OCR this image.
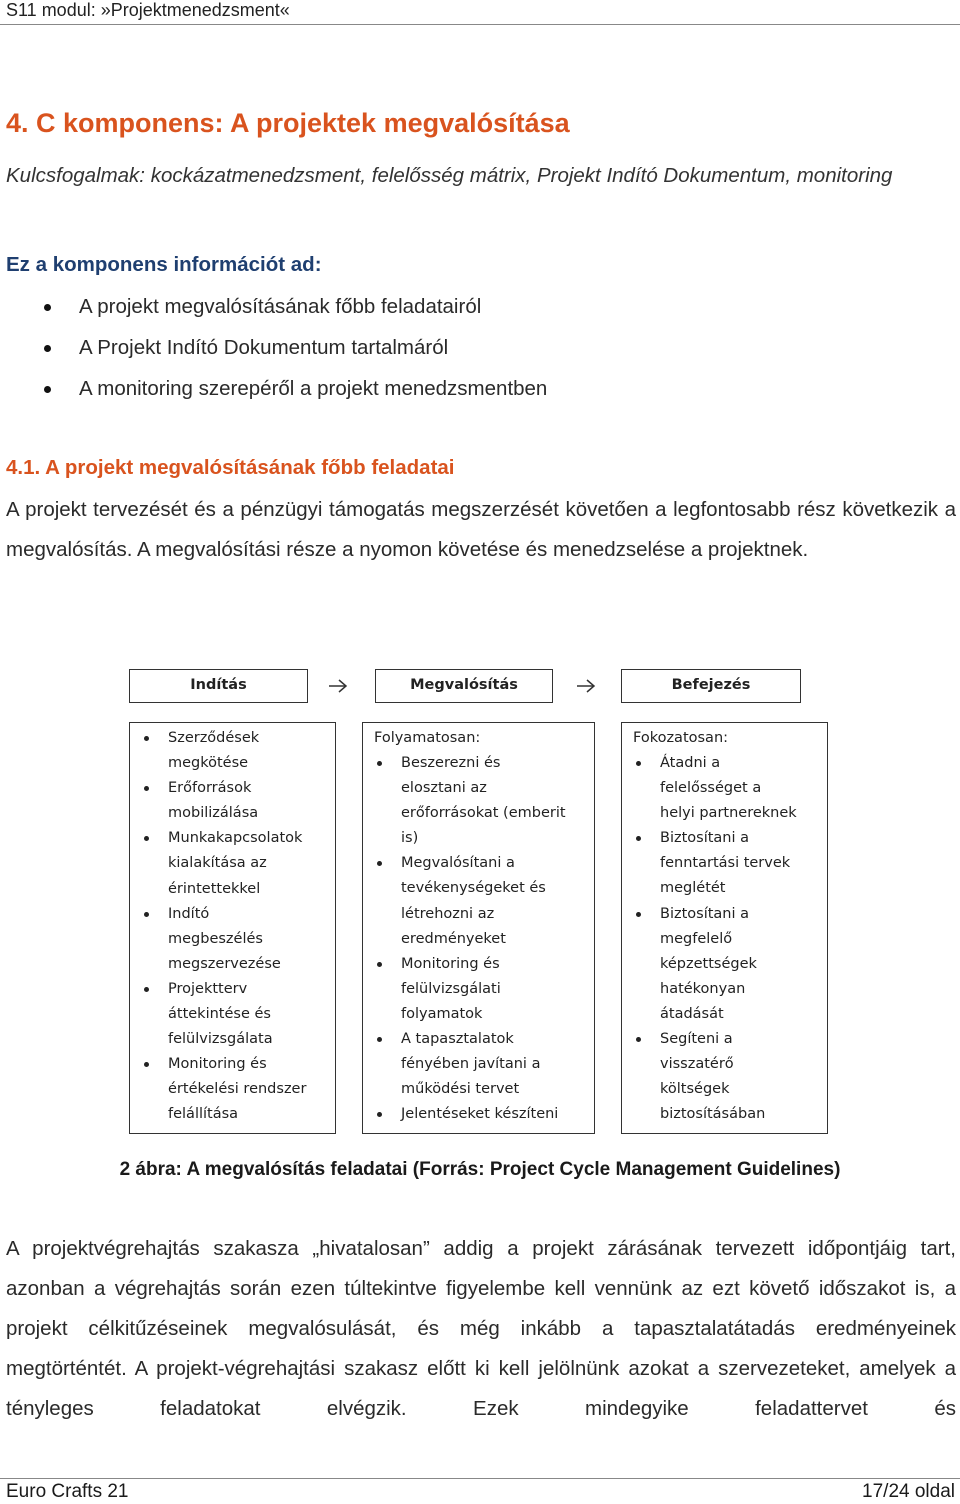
S11 modul: »Projektmenedzsment«
4. C komponens: A projektek megvalósítása
Kulcsfogalmak: kockázatmenedzsment, felelősség mátrix, Projekt Indító Dokumentum, monitoring
Ez a komponens információt ad:
A projekt megvalósításának főbb feladatairól
A Projekt Indító Dokumentum tartalmáról
A monitoring szerepéről a projekt menedzsmentben
4.1. A projekt megvalósításának főbb feladatai
A projekt tervezését és a pénzügyi támogatás megszerzését követően a legfontosabb rész következik a megvalósítás. A megvalósítási része a nyomon követése és menedzselése a projektnek.
Indítás	Megvalósítás	Befejezés
Szerződések
megkötése
Erőforrások
mobilizálása
Munkakapcsolatok
kialakítása az
érintettekkel
Indító
megbeszélés
megszervezése
Projektterv
áttekintése és
felülvizsgálata
Monitoring és
értékelési rendszer
felállítása
Folyamatosan:
Beszerezni és
elosztani az
erőforrásokat (emberit
is)
Megvalósítani a
tevékenységeket és
létrehozni az
eredményeket
Monitoring és
felülvizsgálati
folyamatok
A tapasztalatok
fényében javítani a
működési tervet
Jelentéseket készíteni
Fokozatosan:
Átadni a
felelősséget a
helyi partnereknek
Biztosítani a
fenntartási tervek
meglétét
Biztosítani a
megfelelő
képzettségek
hatékonyan
átadását
Segíteni a
visszatérő
költségek
biztosításában
2 ábra: A megvalósítás feladatai (Forrás: Project Cycle Management Guidelines)
A projektvégrehajtás szakasza „hivatalosan” addig a projekt zárásának tervezett időpontjáig tart, azonban a végrehajtás során ezen túltekintve figyelembe kell vennünk az ezt követő időszakot is, a projekt célkitűzéseinek megvalósulását, és még inkább a tapasztalatátadás eredményeinek megtörténtét. A projekt-végrehajtási szakasz előtt ki kell jelölnünk azokat a szervezeteket, amelyek a tényleges feladatokat elvégzik. Ezek mindegyike feladattervet és
Euro Crafts 21	17/24 oldal
